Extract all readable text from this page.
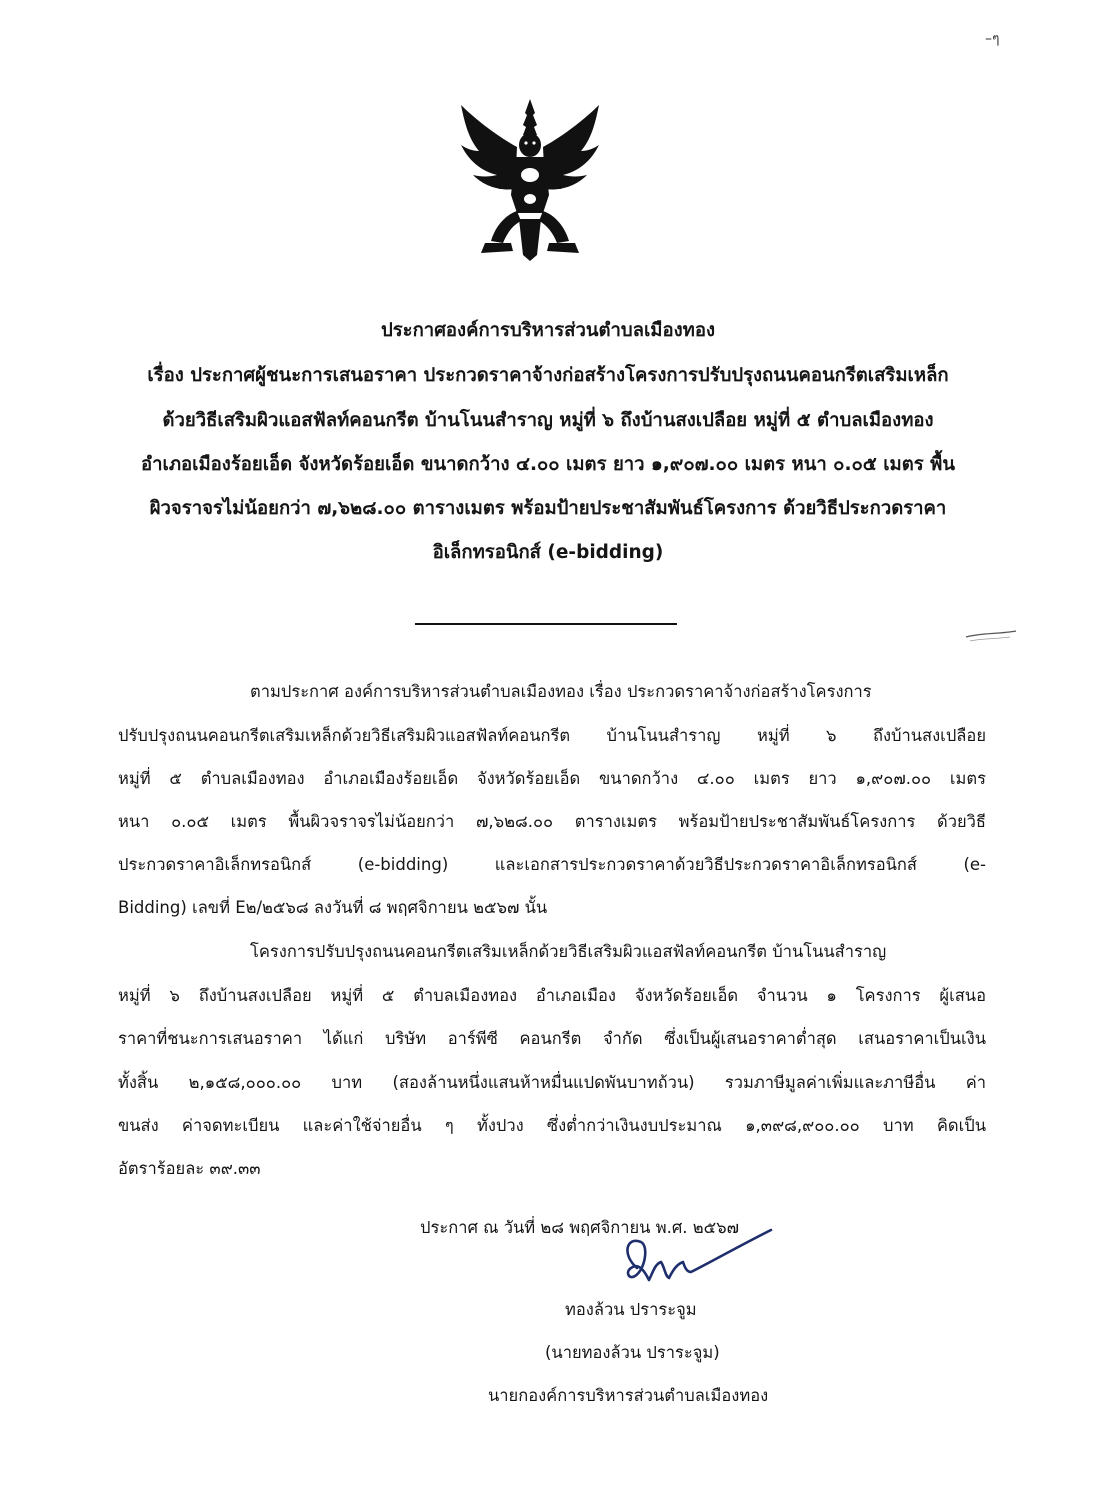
–ๆ
ประกาศองค์การบริหารส่วนตำบลเมืองทอง
เรื่อง ประกาศผู้ชนะการเสนอราคา ประกวดราคาจ้างก่อสร้างโครงการปรับปรุงถนนคอนกรีตเสริมเหล็ก
ด้วยวิธีเสริมผิวแอสฟัลท์คอนกรีต บ้านโนนสำราญ หมู่ที่ ๖ ถึงบ้านสงเปลือย หมู่ที่ ๕ ตำบลเมืองทอง
อำเภอเมืองร้อยเอ็ด จังหวัดร้อยเอ็ด ขนาดกว้าง ๔.๐๐ เมตร ยาว ๑,๙๐๗.๐๐ เมตร หนา ๐.๐๕ เมตร พื้น
ผิวจราจรไม่น้อยกว่า ๗,๖๒๘.๐๐ ตารางเมตร พร้อมป้ายประชาสัมพันธ์โครงการ ด้วยวิธีประกวดราคา
อิเล็กทรอนิกส์ (e-bidding)
ตามประกาศ องค์การบริหารส่วนตำบลเมืองทอง เรื่อง ประกวดราคาจ้างก่อสร้างโครงการ
ปรับปรุงถนนคอนกรีตเสริมเหล็กด้วยวิธีเสริมผิวแอสฟัลท์คอนกรีต บ้านโนนสำราญ หมู่ที่ ๖ ถึงบ้านสงเปลือย
หมู่ที่ ๕ ตำบลเมืองทอง อำเภอเมืองร้อยเอ็ด จังหวัดร้อยเอ็ด ขนาดกว้าง ๔.๐๐ เมตร ยาว ๑,๙๐๗.๐๐ เมตร
หนา ๐.๐๕ เมตร พื้นผิวจราจรไม่น้อยกว่า ๗,๖๒๘.๐๐ ตารางเมตร พร้อมป้ายประชาสัมพันธ์โครงการ ด้วยวิธี
ประกวดราคาอิเล็กทรอนิกส์ (e-bidding) และเอกสารประกวดราคาด้วยวิธีประกวดราคาอิเล็กทรอนิกส์ (e-
Bidding) เลขที่ E๒/๒๕๖๘ ลงวันที่ ๘ พฤศจิกายน ๒๕๖๗ นั้น
โครงการปรับปรุงถนนคอนกรีตเสริมเหล็กด้วยวิธีเสริมผิวแอสฟัลท์คอนกรีต บ้านโนนสำราญ
หมู่ที่ ๖ ถึงบ้านสงเปลือย หมู่ที่ ๕ ตำบลเมืองทอง อำเภอเมือง จังหวัดร้อยเอ็ด จำนวน ๑ โครงการ ผู้เสนอ
ราคาที่ชนะการเสนอราคา ได้แก่ บริษัท อาร์พีซี คอนกรีต จำกัด ซึ่งเป็นผู้เสนอราคาต่ำสุด เสนอราคาเป็นเงิน
ทั้งสิ้น ๒,๑๕๘,๐๐๐.๐๐ บาท (สองล้านหนึ่งแสนห้าหมื่นแปดพันบาทถ้วน) รวมภาษีมูลค่าเพิ่มและภาษีอื่น ค่า
ขนส่ง ค่าจดทะเบียน และค่าใช้จ่ายอื่น ๆ ทั้งปวง ซึ่งต่ำกว่าเงินงบประมาณ ๑,๓๙๘,๙๐๐.๐๐ บาท คิดเป็น
อัตราร้อยละ ๓๙.๓๓
ประกาศ ณ วันที่ ๒๘ พฤศจิกายน พ.ศ. ๒๕๖๗
ทองล้วน ปราระจูม
(นายทองล้วน ปราระจูม)
นายกองค์การบริหารส่วนตำบลเมืองทอง
